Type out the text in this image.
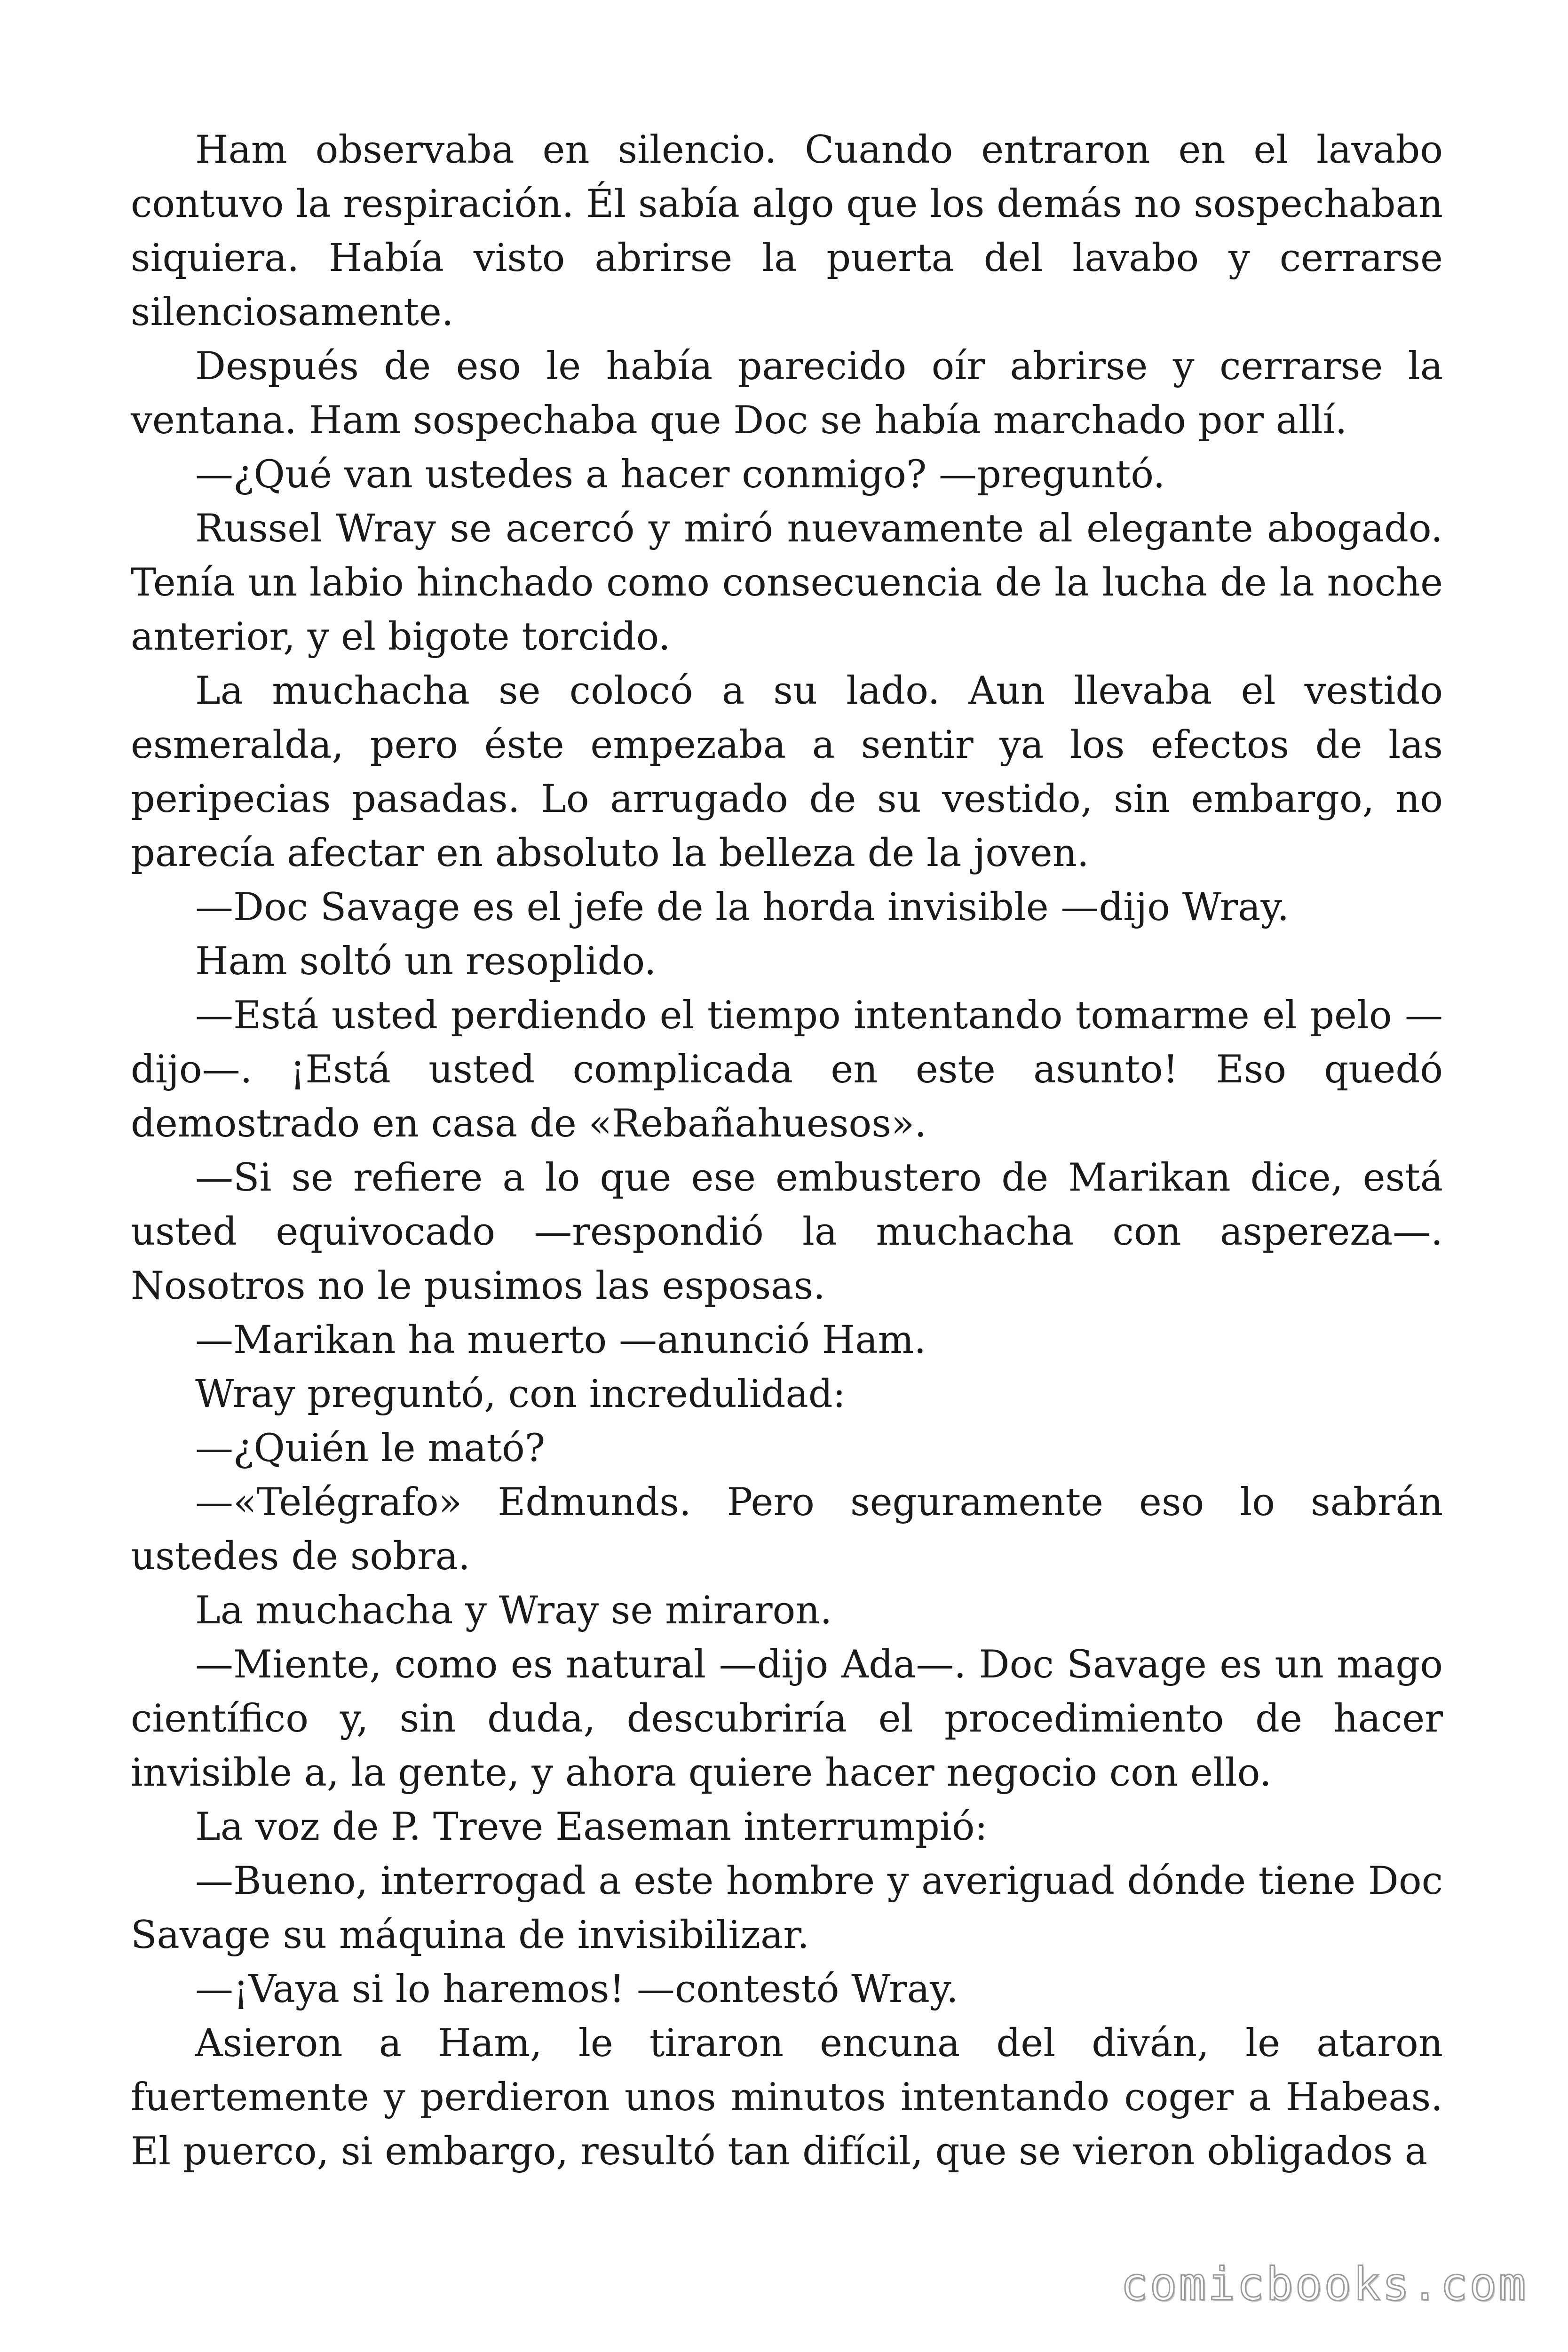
Ham observaba en silencio. Cuando entraron en el lavabo contuvo la respiración. Él sabía algo que los demás no sospechaban siquiera. Había visto abrirse la puerta del lavabo y cerrarse silenciosamente.

Después de eso le había parecido oír abrirse y cerrarse la ventana. Ham sospechaba que Doc se había marchado por allí.

—¿Qué van ustedes a hacer conmigo? —preguntó.

Russel Wray se acercó y miró nuevamente al elegante abogado. Tenía un labio hinchado como consecuencia de la lucha de la noche anterior, y el bigote torcido.

La muchacha se colocó a su lado. Aun llevaba el vestido esmeralda, pero éste empezaba a sentir ya los efectos de las peripecias pasadas. Lo arrugado de su vestido, sin embargo, no parecía afectar en absoluto la belleza de la joven.

—Doc Savage es el jefe de la horda invisible —dijo Wray.

Ham soltó un resoplido.

—Está usted perdiendo el tiempo intentando tomarme el pelo —dijo—. ¡Está usted complicada en este asunto! Eso quedó demostrado en casa de «Rebañahuesos».

—Si se refiere a lo que ese embustero de Marikan dice, está usted equivocado —respondió la muchacha con aspereza—. Nosotros no le pusimos las esposas.

—Marikan ha muerto —anunció Ham.

Wray preguntó, con incredulidad:

—¿Quién le mató?

—«Telégrafo» Edmunds. Pero seguramente eso lo sabrán ustedes de sobra.

La muchacha y Wray se miraron.

—Miente, como es natural —dijo Ada—. Doc Savage es un mago científico y, sin duda, descubriría el procedimiento de hacer invisible a, la gente, y ahora quiere hacer negocio con ello.

La voz de P. Treve Easeman interrumpió:

—Bueno, interrogad a este hombre y averiguad dónde tiene Doc Savage su máquina de invisibilizar.

—¡Vaya si lo haremos! —contestó Wray.

Asieron a Ham, le tiraron encuna del diván, le ataron fuertemente y perdieron unos minutos intentando coger a Habeas. El puerco, si embargo, resultó tan difícil, que se vieron obligados a

comicbooks.com
